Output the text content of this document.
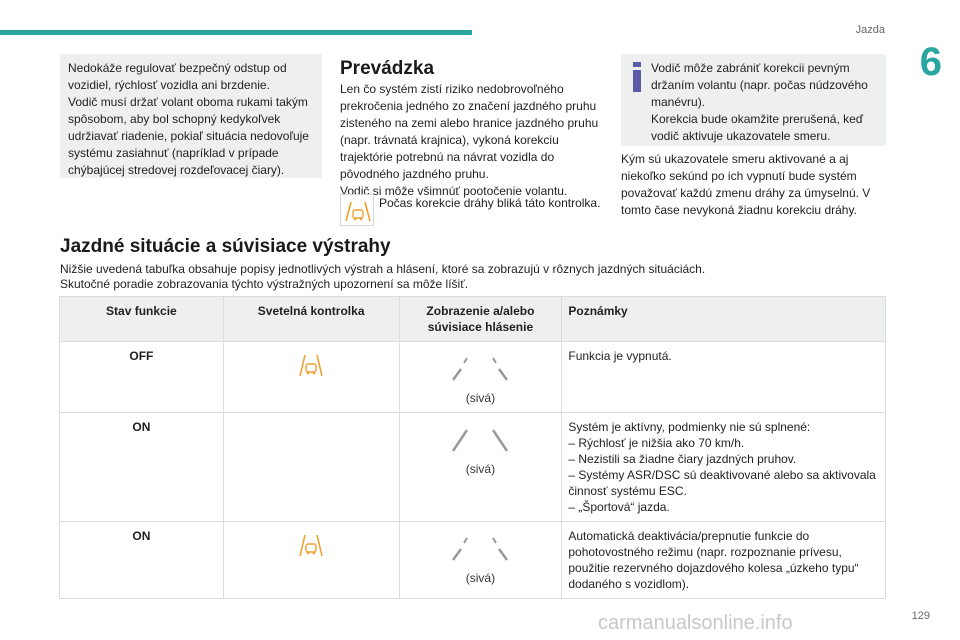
Jazda
6

Nedokáže regulovať bezpečný odstup od vozidiel, rýchlosť vozidla ani brzdenie.

Vodič musí držať volant oboma rukami takým spôsobom, aby bol schopný kedykoľvek udržiavať riadenie, pokiaľ situácia nedovoľuje systému zasiahnuť (napríklad v prípade chýbajúcej stredovej rozdeľovacej čiary).

Prevádzka

Len čo systém zistí riziko nedobrovoľného prekročenia jedného zo značení jazdného pruhu zisteného na zemi alebo hranice jazdného pruhu (napr. trávnatá krajnica), vykoná korekciu trajektórie potrebnú na návrat vozidla do pôvodného jazdného pruhu.

Vodič si môže všimnúť pootočenie volantu.

Počas korekcie dráhy bliká táto kontrolka.

Vodič môže zabrániť korekcii pevným držaním volantu (napr. počas núdzového manévru).

Korekcia bude okamžite prerušená, keď vodič aktivuje ukazovatele smeru.

Kým sú ukazovatele smeru aktivované a aj niekoľko sekúnd po ich vypnutí bude systém považovať každú zmenu dráhy za úmyselnú. V tomto čase nevykoná žiadnu korekciu dráhy.
Jazdné situácie a súvisiace výstrahy

Nižšie uvedená tabuľka obsahuje popisy jednotlivých výstrah a hlásení, ktoré sa zobrazujú v rôznych jazdných situáciách.

Skutočné poradie zobrazovania týchto výstražných upozornení sa môže líšiť.

Stav funkcie	Svetelná kontrolka	Zobrazenie a/alebo súvisiace hlásenie	Poznámky
OFF		(sivá)	Funkcia je vypnutá.

ON		(sivá)	Systém je aktívny, podmienky nie sú splnené:

– Rýchlosť je nižšia ako 70 km/h.

– Nezistili sa žiadne čiary jazdných pruhov.

– Systémy ASR/DSC sú deaktivované alebo sa aktivovala činnosť systému ESC.

– „Športová“ jazda.

ON		(sivá)	Automatická deaktivácia/prepnutie funkcie do pohotovostného režimu (napr. rozpoznanie prívesu, použitie rezervného dojazdového kolesa „úzkeho typu“ dodaného s vozidlom).

carmanualsonline.info	129
